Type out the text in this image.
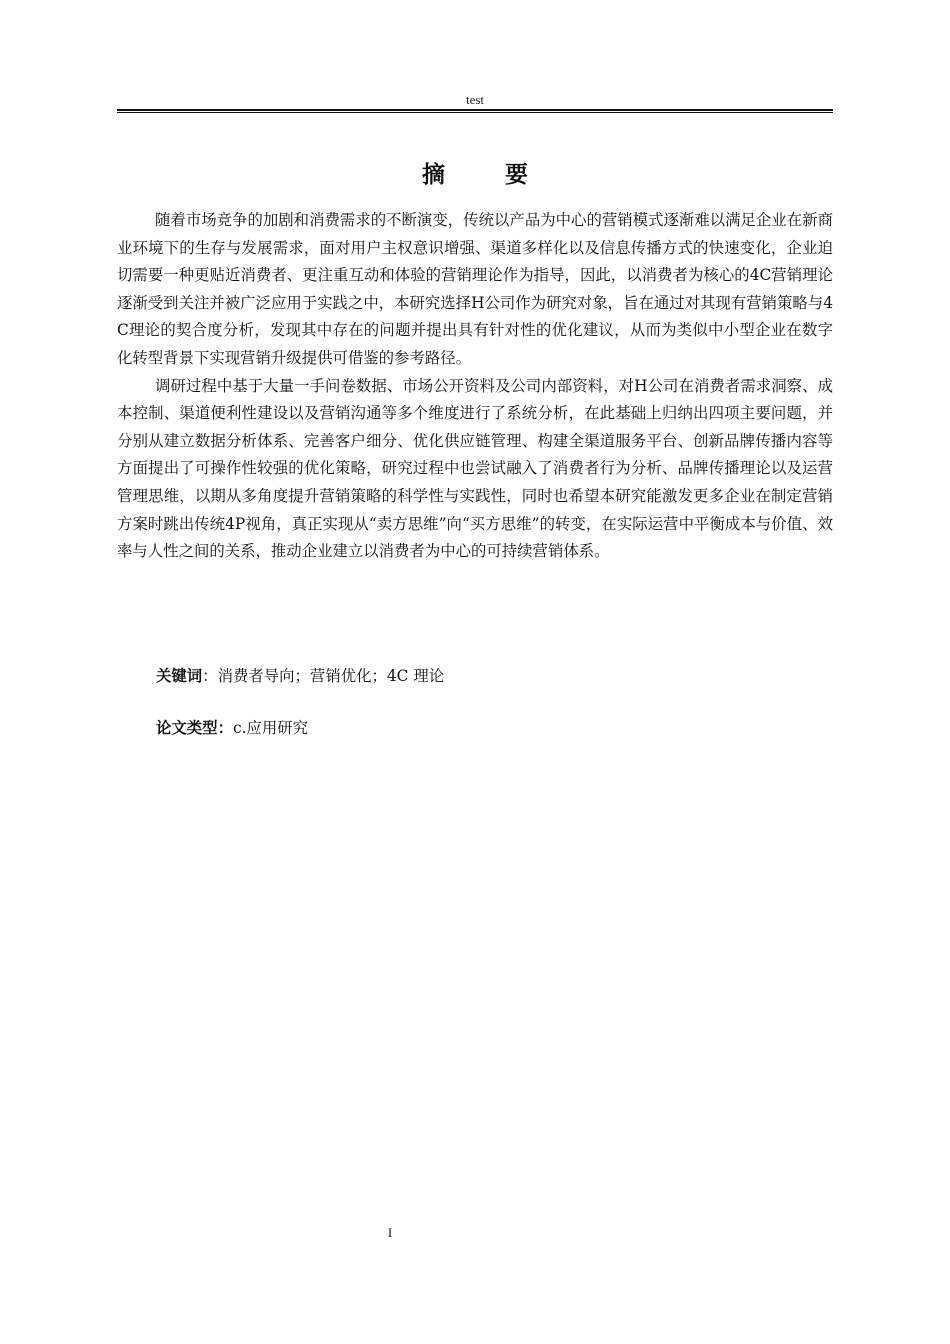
test
摘 要

随着市场竞争的加剧和消费需求的不断演变，传统以产品为中心的营销模式逐渐难以满足企业在新商业环境下的生存与发展需求，面对用户主权意识增强、渠道多样化以及信息传播方式的快速变化，企业迫切需要一种更贴近消费者、更注重互动和体验的营销理论作为指导，因此，以消费者为核心的4C营销理论逐渐受到关注并被广泛应用于实践之中，本研究选择H公司作为研究对象，旨在通过对其现有营销策略与4C理论的契合度分析，发现其中存在的问题并提出具有针对性的优化建议，从而为类似中小型企业在数字化转型背景下实现营销升级提供可借鉴的参考路径。

调研过程中基于大量一手问卷数据、市场公开资料及公司内部资料，对H公司在消费者需求洞察、成本控制、渠道便利性建设以及营销沟通等多个维度进行了系统分析，在此基础上归纳出四项主要问题，并分别从建立数据分析体系、完善客户细分、优化供应链管理、构建全渠道服务平台、创新品牌传播内容等方面提出了可操作性较强的优化策略，研究过程中也尝试融入了消费者行为分析、品牌传播理论以及运营管理思维，以期从多角度提升营销策略的科学性与实践性，同时也希望本研究能激发更多企业在制定营销方案时跳出传统4P视角，真正实现从“卖方思维”向“买方思维”的转变，在实际运营中平衡成本与价值、效率与人性之间的关系，推动企业建立以消费者为中心的可持续营销体系。

关键词：消费者导向；营销优化；4C 理论
论文类型：c.应用研究
I
